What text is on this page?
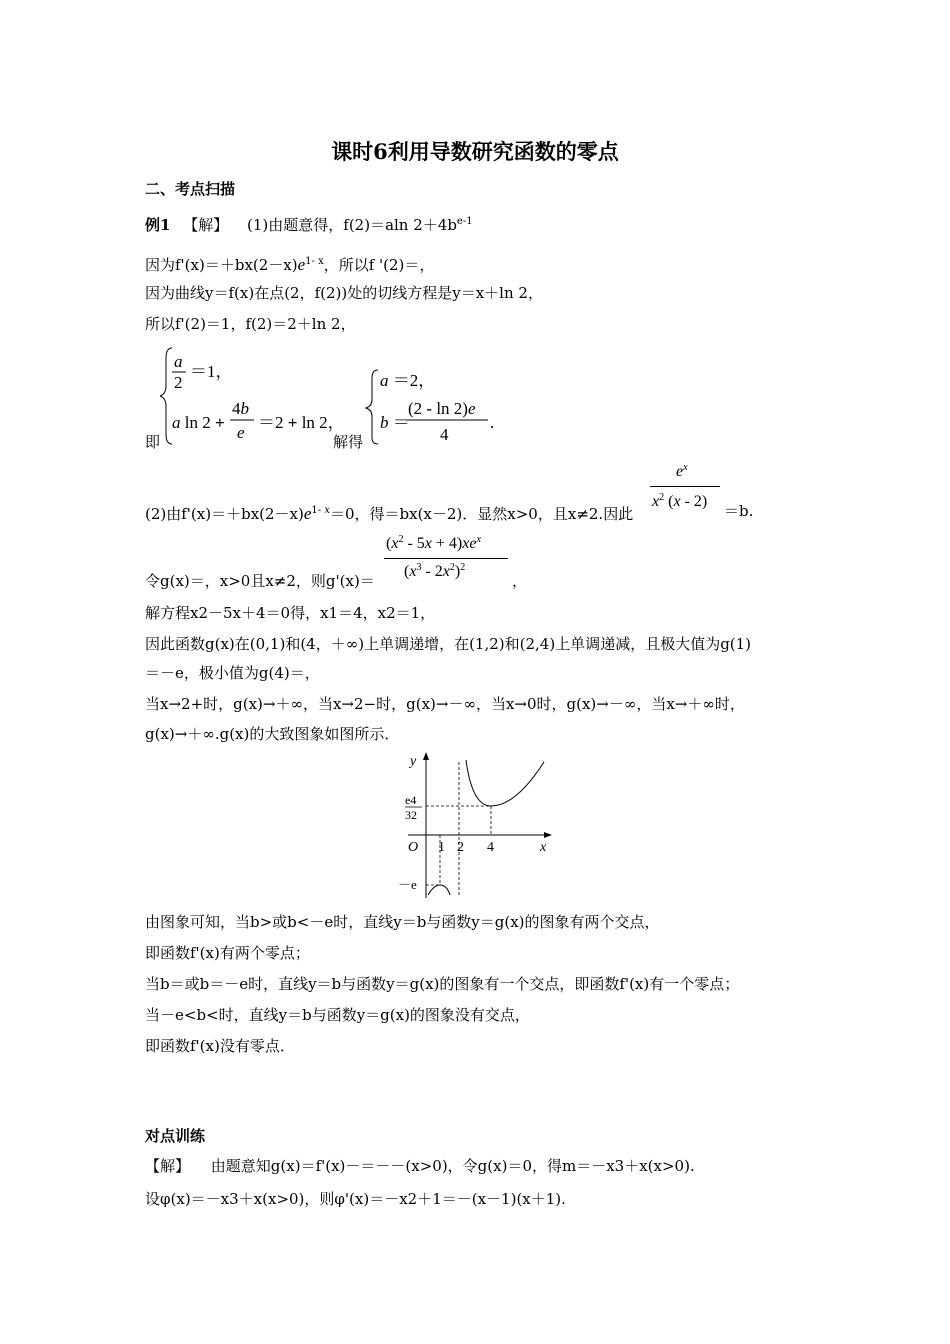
课时6利用导数研究函数的零点
二、考点扫描
例1 【解】 (1)由题意得，f(2)＝aln $2+4b^{e-1}$
因为$f'(x)=+bx(2-x)e^{1- x}$，所以f '(2)＝，
因为曲线y＝f(x)在点(2，f(2))处的切线方程是y＝x＋ln 2，
所以f'(2)＝1，f(2)＝2＋ln 2，
即
a
2
＝1，
a ln 2 +
4b
e
＝2 + ln 2，
a ＝2，
b ＝
(2 - ln 2)e
4
.
解得
(2)由$f'(x)=+bx(2-x)e^{1- x}=0$，得＝bx(x－2)．显然x>0，且x≠2.因此
$e^x$
$x^2$ (x - 2)
＝b.
令g(x)＝，x>0且x≠2，则g'(x)＝
$(x^2 - 5x + 4)xe^x$
$(x^3 - 2x^2)^2$
，
解方程x2－5x＋4＝0得，x1＝4，x2＝1，
因此函数g(x)在(0,1)和(4，＋∞)上单调递增，在(1,2)和(2,4)上单调递减，且极大值为g(1)
＝－e，极小值为g(4)＝，
当x→2+时，g(x)→＋∞，当x→2−时，g(x)→－∞，当x→0时，g(x)→－∞，当x→＋∞时，
g(x)→＋∞.g(x)的大致图象如图所示．
y
x
O 1 2 4
e4
32
－e
由图象可知，当b>或b<－e时，直线y＝b与函数y＝g(x)的图象有两个交点，
即函数f'(x)有两个零点；
当b＝或b＝－e时，直线y＝b与函数y＝g(x)的图象有一个交点，即函数f'(x)有一个零点；
当－e<b<时，直线y＝b与函数y＝g(x)的图象没有交点，
即函数f'(x)没有零点．
对点训练
【解】 由题意知g(x)＝f'(x)－＝－－(x>0)，令g(x)＝0，得m＝－x3＋x(x>0).
设φ(x)＝－x3＋x(x>0)，则φ'(x)＝－x2＋1＝－(x－1)(x＋1).
